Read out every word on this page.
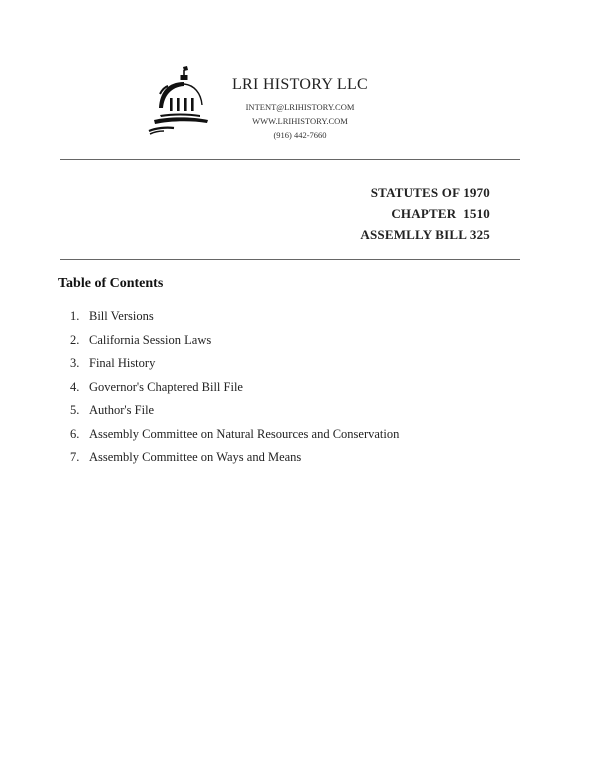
LRI HISTORY LLC
INTENT@LRIHISTORY.COM
WWW.LRIHISTORY.COM
(916) 442-7660
STATUTES OF 1970
CHAPTER  1510
ASSEMLLY BILL 325
Table of Contents
1. Bill Versions
2. California Session Laws
3. Final History
4. Governor's Chaptered Bill File
5. Author's File
6. Assembly Committee on Natural Resources and Conservation
7. Assembly Committee on Ways and Means
